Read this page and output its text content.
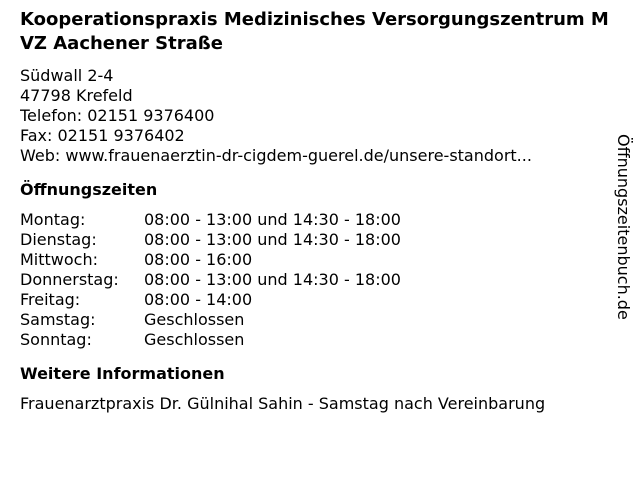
Kooperationspraxis Medizinisches Versorgungszentrum MVZ Aachener Straße
Südwall 2-4
47798 Krefeld
Telefon: 02151 9376400
Fax: 02151 9376402
Web: www.frauenaerztin-dr-cigdem-guerel.de/unsere-standort...
Öffnungszeiten
Montag:	08:00 - 13:00 und 14:30 - 18:00
Dienstag:	08:00 - 13:00 und 14:30 - 18:00
Mittwoch:	08:00 - 16:00
Donnerstag:	08:00 - 13:00 und 14:30 - 18:00
Freitag:	08:00 - 14:00
Samstag:	Geschlossen
Sonntag:	Geschlossen
Weitere Informationen
Frauenarztpraxis Dr. Gülnihal Sahin - Samstag nach Vereinbarung
Öffnungszeitenbuch.de
